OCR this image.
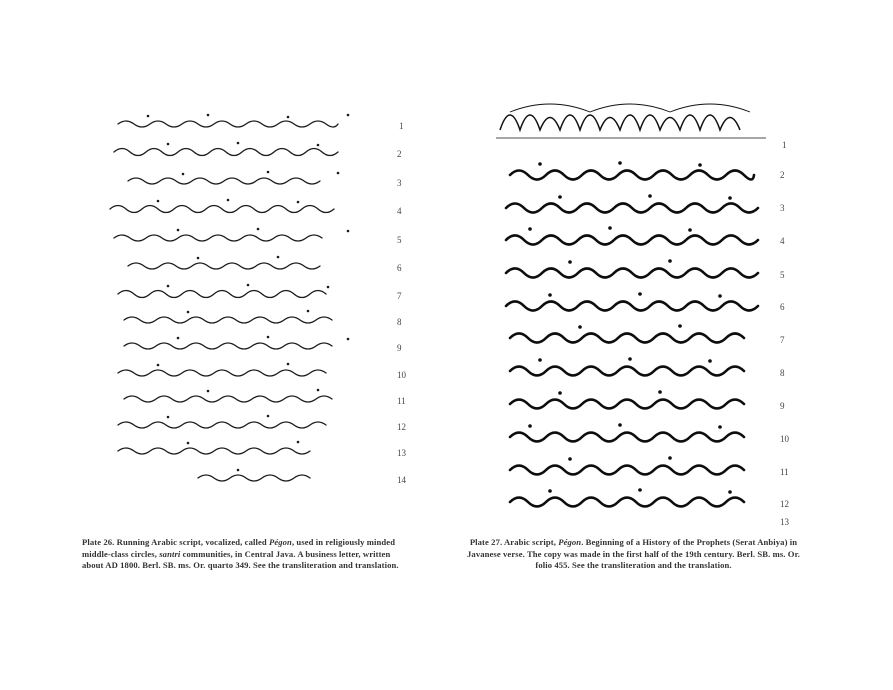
1
2
3
4
5
6
7
8
9
10
11
12
13
14
1
2
3
4
5
6
7
8
9
10
11
12
13
Plate 26. Running Arabic script, vocalized, called Pégon, used in religiously minded middle-class circles, santri communities, in Central Java. A business letter, written about AD 1800. Berl. SB. ms. Or. quarto 349. See the transliteration and translation.
Plate 27. Arabic script, Pégon. Beginning of a History of the Prophets (Serat Anbiya) in Javanese verse. The copy was made in the first half of the 19th century. Berl. SB. ms. Or. folio 455. See the transliteration and the translation.
